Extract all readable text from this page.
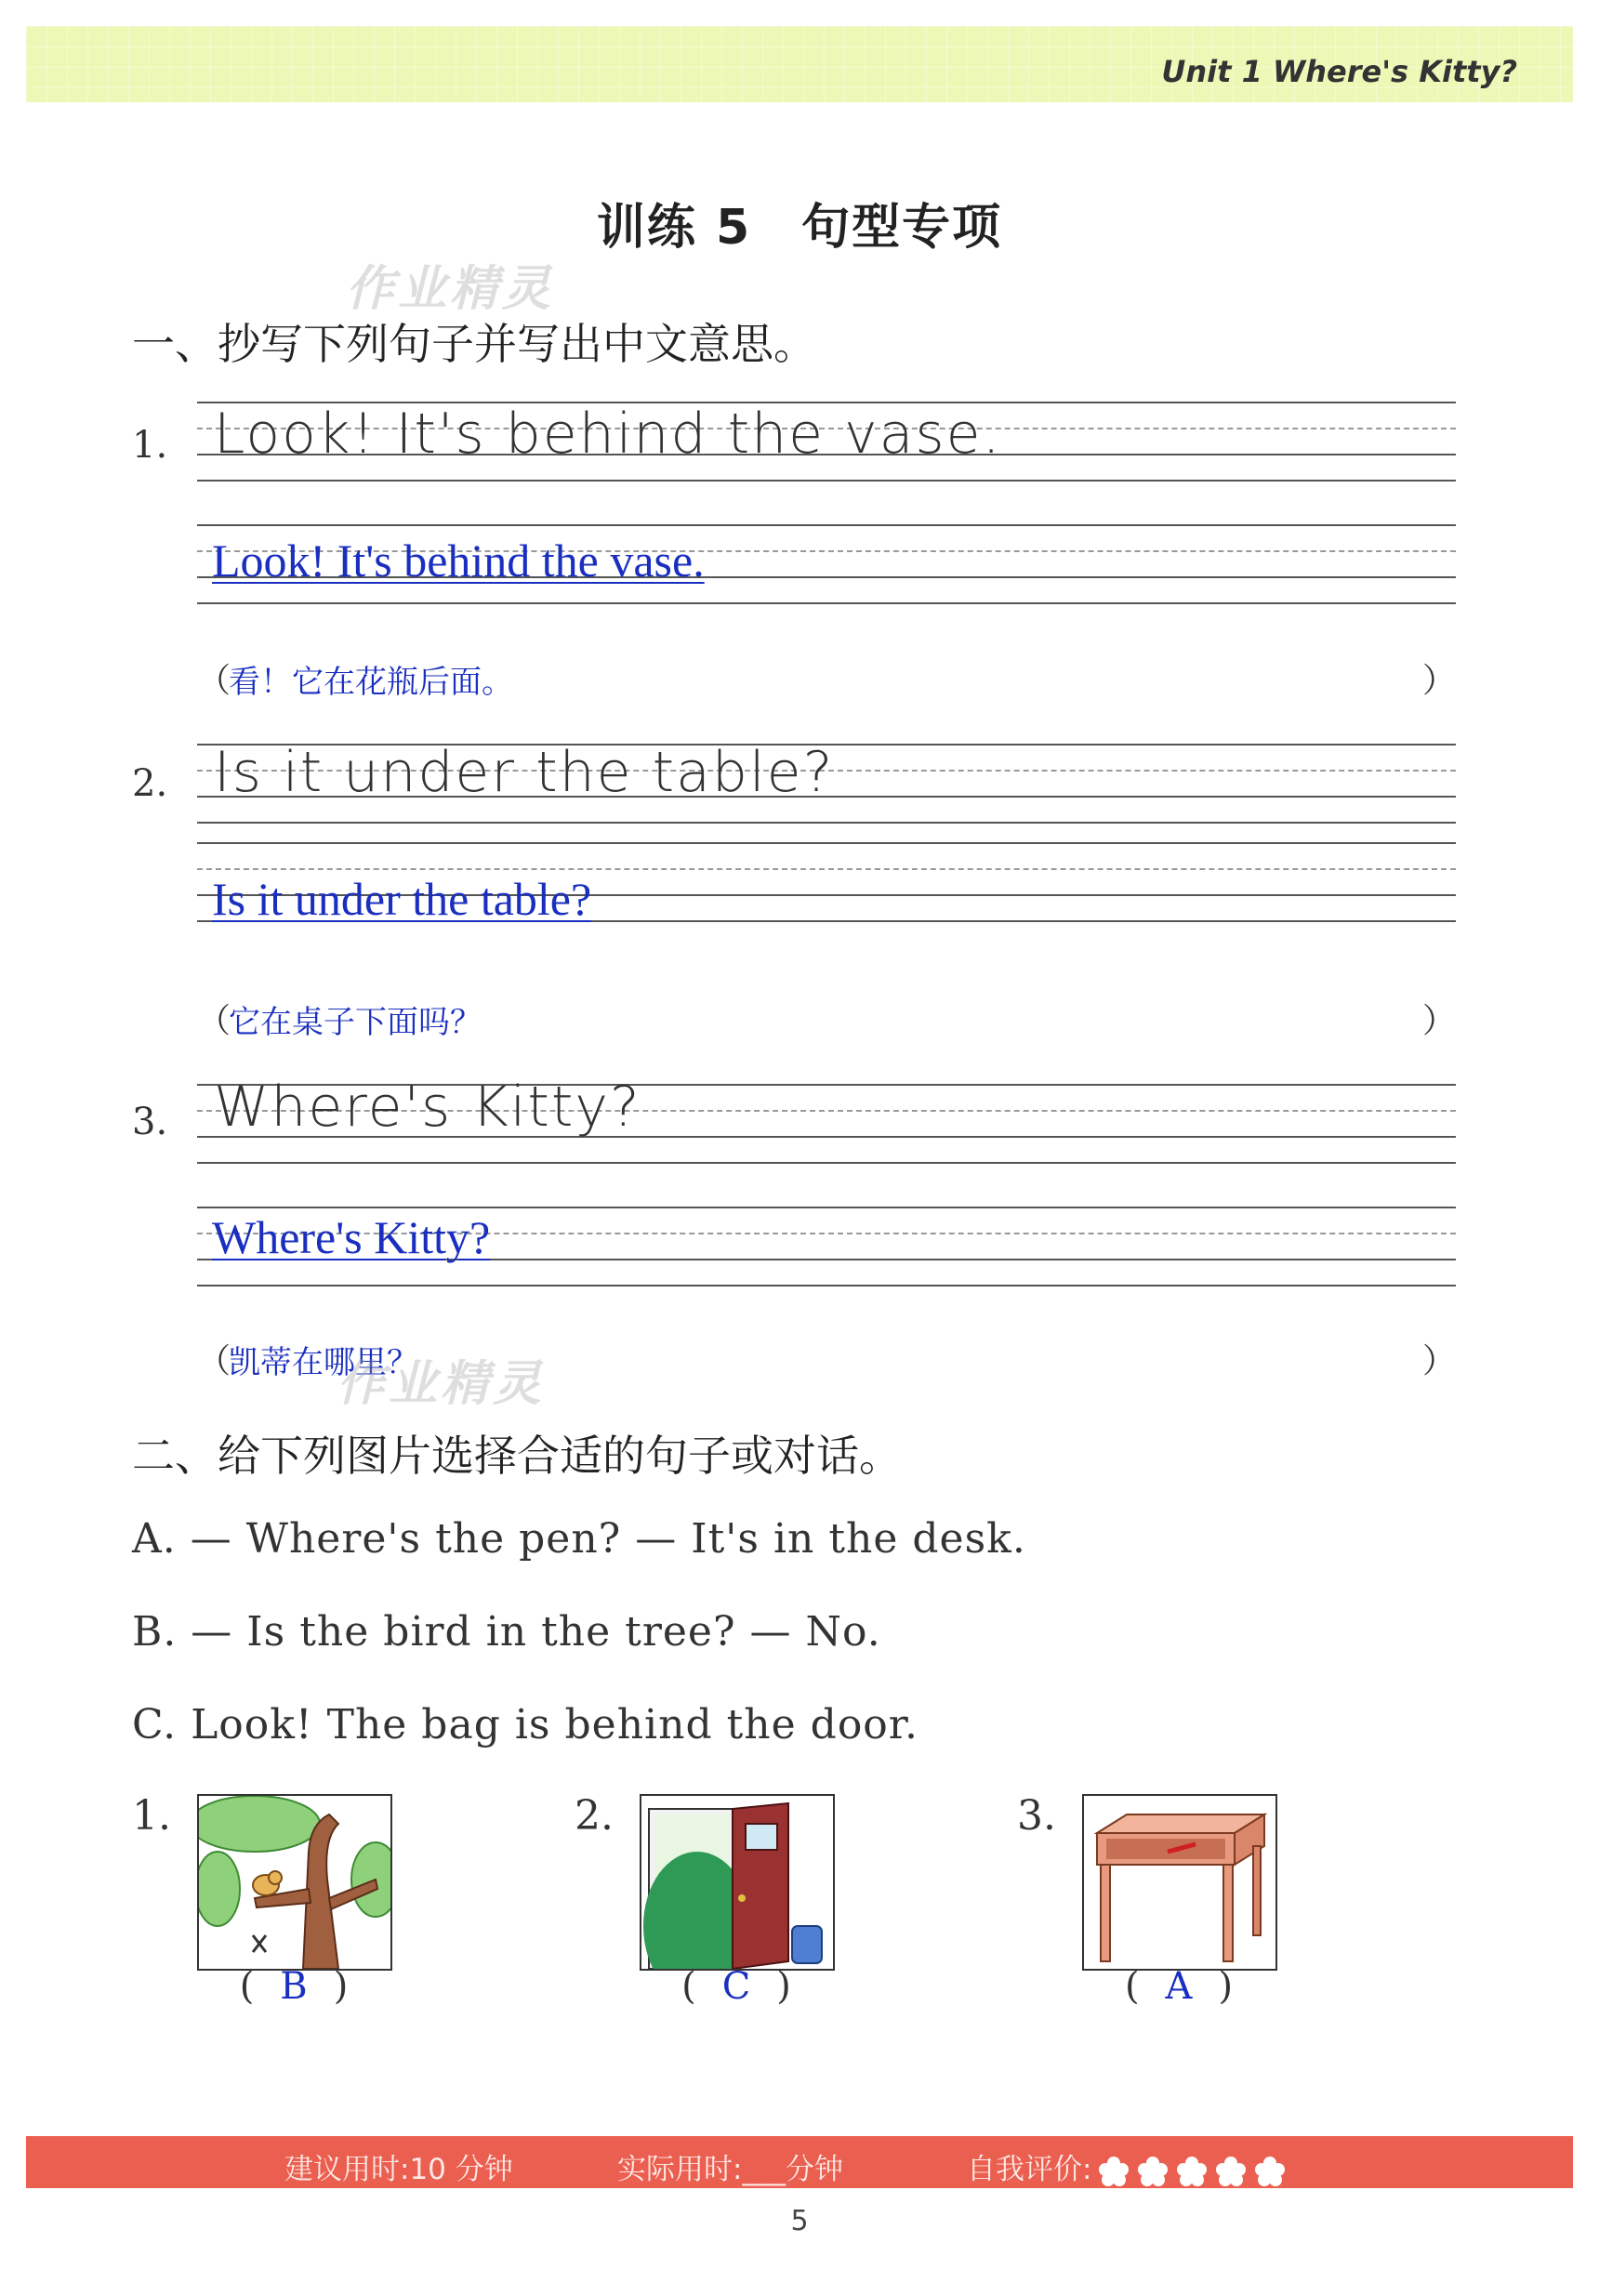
Unit 1 Where's Kitty?
训练 5　句型专项
作业精灵
一、抄写下列句子并写出中文意思。
1. Look! It's behind the vase.
Look! It's behind the vase.
（
看！它在花瓶后面。	）
2. Is it under the table?
Is it under the table?
（
它在桌子下面吗？	）
3. Where's Kitty?
Where's Kitty?
（
凯蒂在哪里？	）
作业精灵
二、给下列图片选择合适的句子或对话。
A. — Where's the pen? — It's in the desk.
B. — Is the bird in the tree? — No.
C. Look! The bag is behind the door.
1.
( B )
2.
( C )
3.
( A )
建议用时:10 分钟	实际用时:___分钟	自我评价:
5
